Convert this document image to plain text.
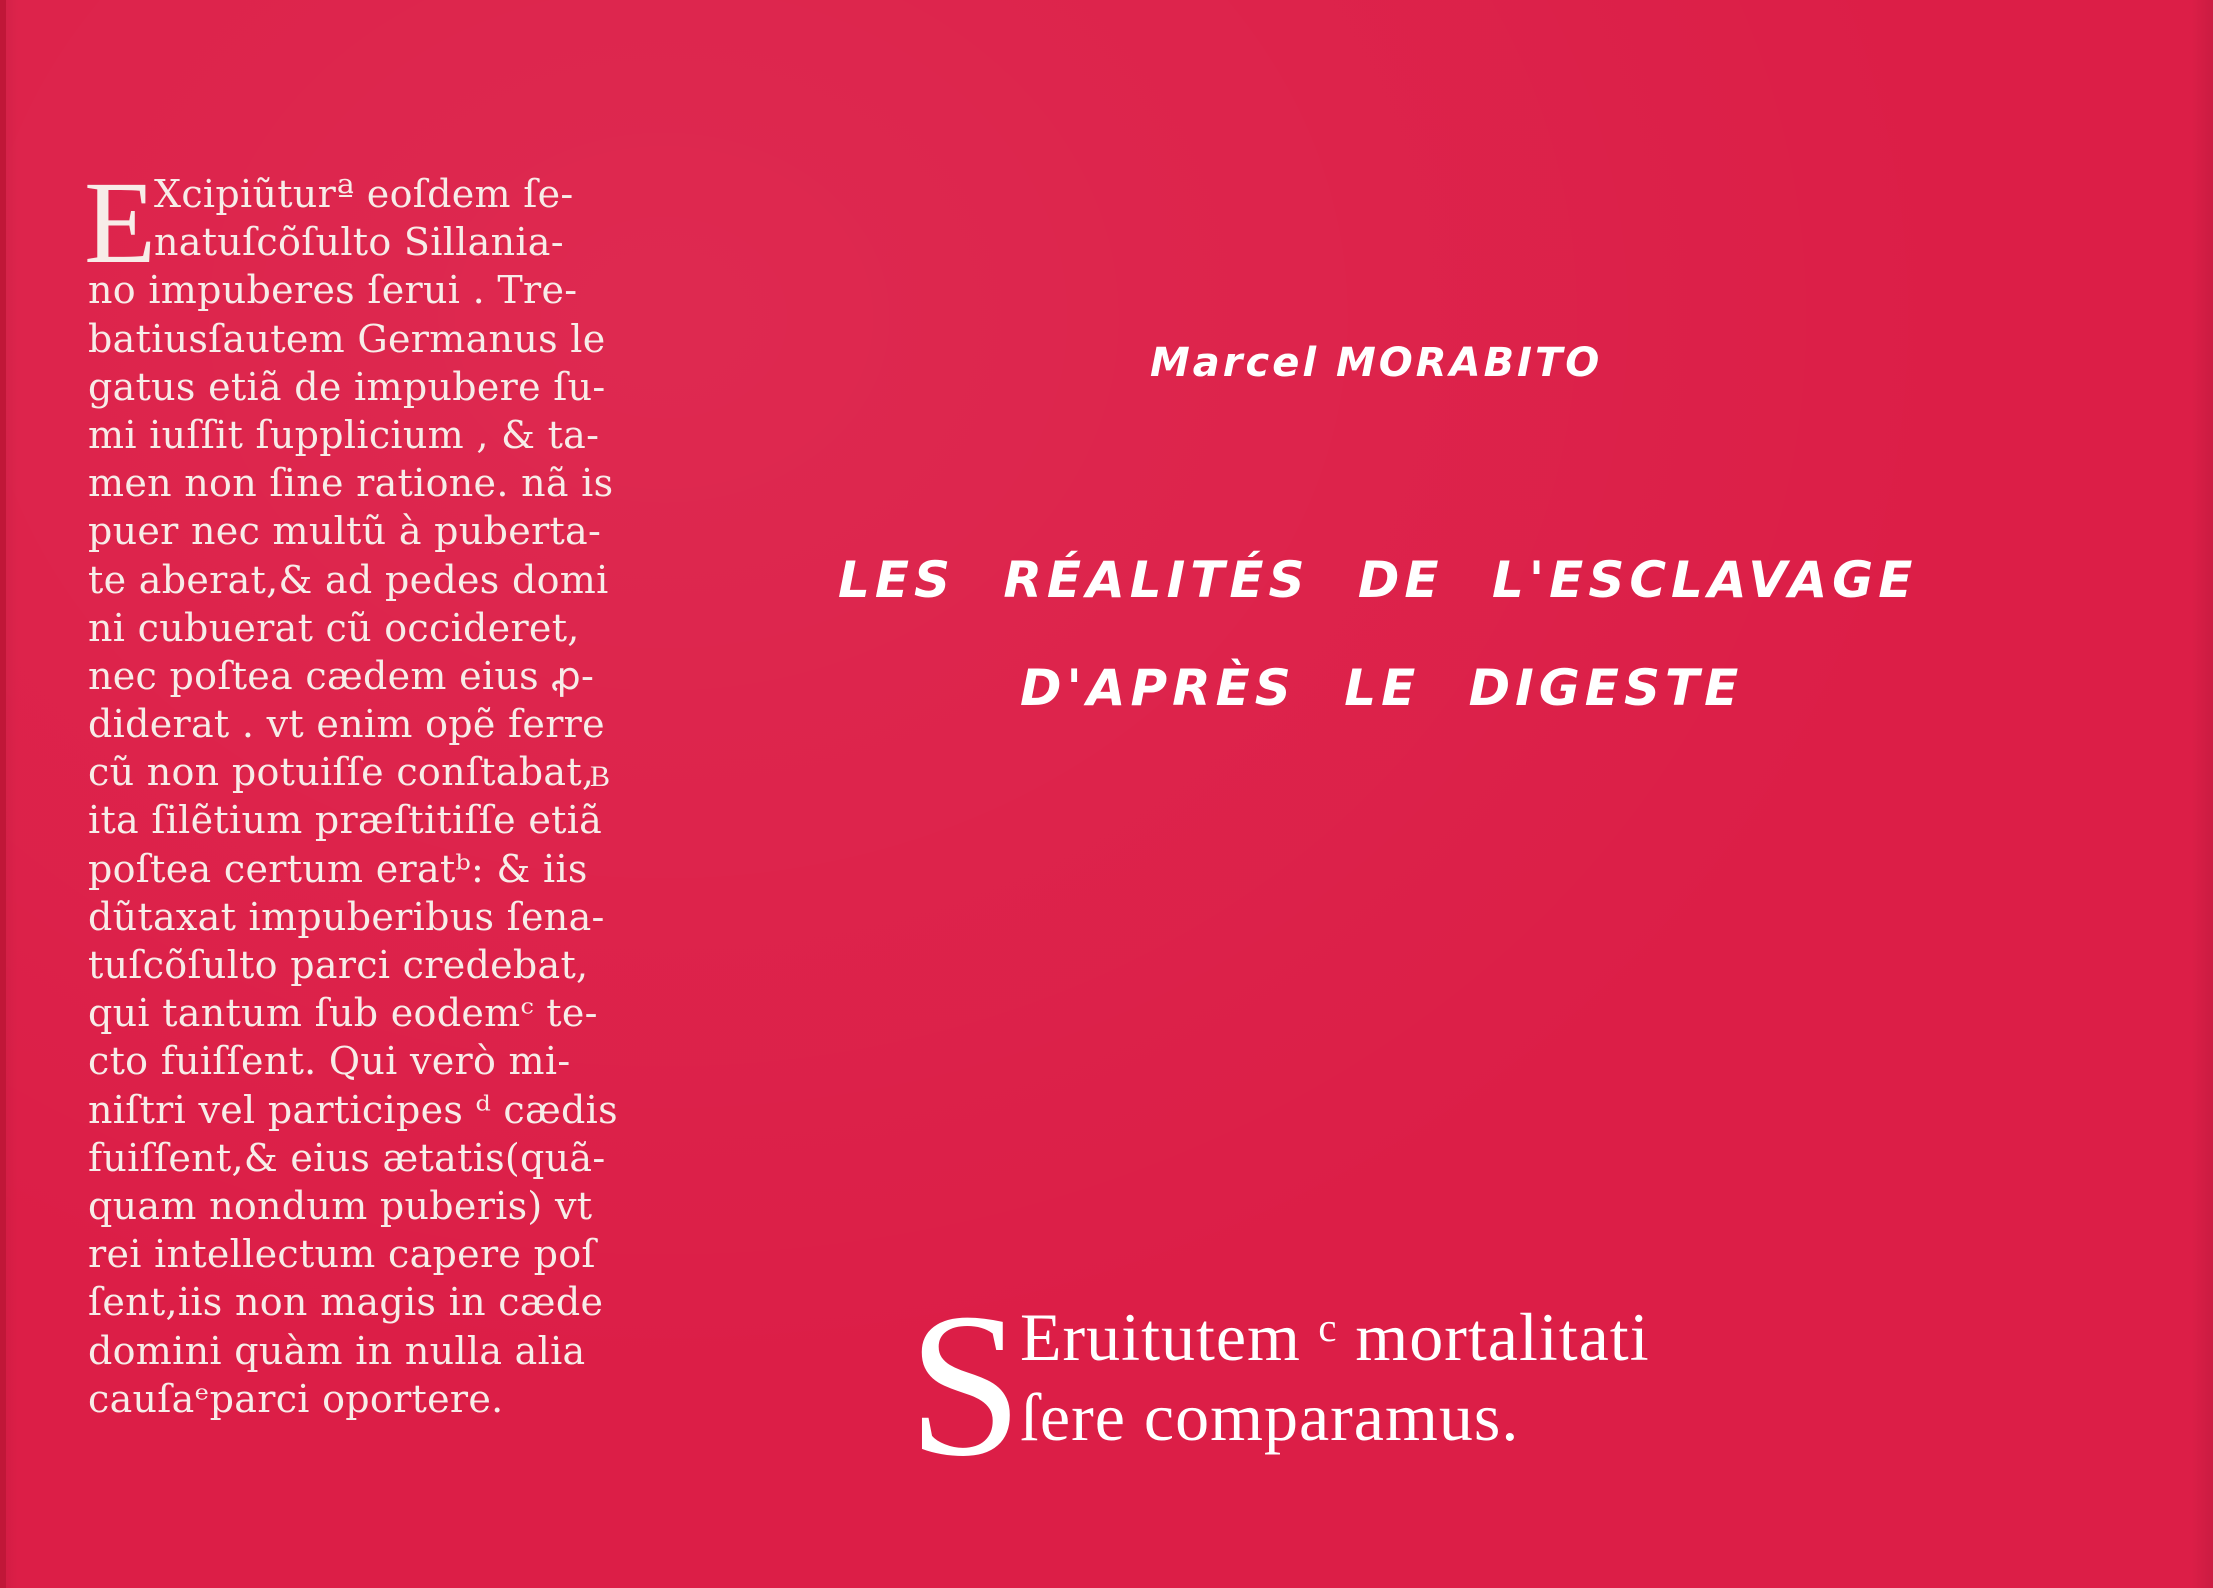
E
Xcipiũturª eoſdem ſe-
natuſcõſulto Sillania-
no impuberes ſerui . Tre-
batiusſautem Germanus le
gatus etiã de impubere ſu-
mi iuſſit ſupplicium , & ta-
men non ſine ratione. nã is
puer nec multũ à puberta-
te aberat,& ad pedes domi
ni cubuerat cũ occideret,
nec poſtea cædem eius ꝓ-
diderat . vt enim opẽ ferre
cũ non potuiſſe conſtabat,
ita ſilẽtium præſtitiſſe etiã
poſtea certum eratᵇ: & iis
dũtaxat impuberibus ſena-
tuſcõſulto parci credebat,
qui tantum ſub eodemᶜ te-
cto fuiſſent. Qui verò mi-
niſtri vel participes ᵈ cædis
fuiſſent,& eius ætatis(quã-
quam nondum puberis) vt
rei intellectum capere poſ
ſent,iis non magis in cæde
domini quàm in nulla alia
cauſaᵉparci oportere.
B
Marcel MORABITO
LES RÉALITÉS DE L'ESCLAVAGE
D'APRÈS LE DIGESTE
S
Eruitutem ᶜ mortalitati
ſere comparamus.
